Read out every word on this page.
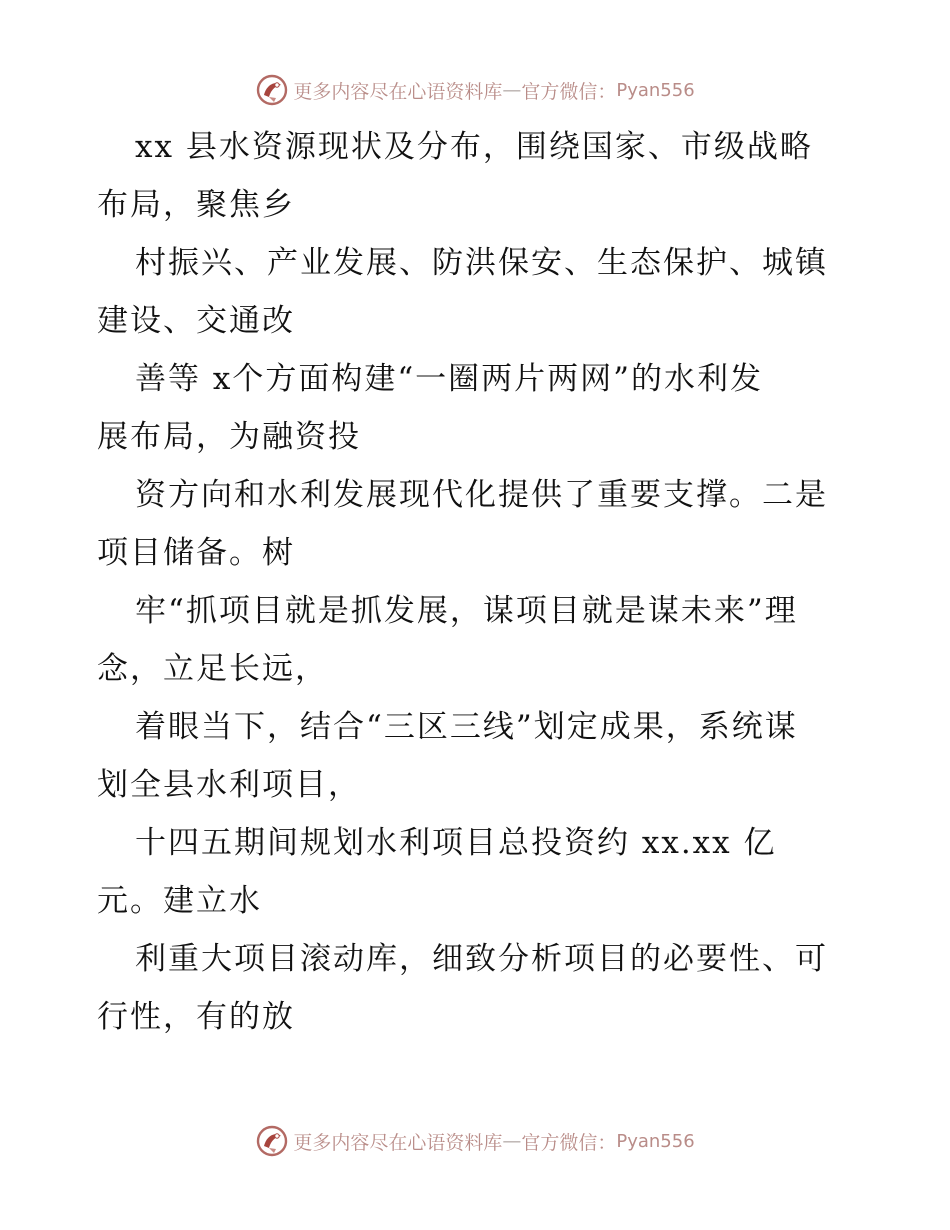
更多内容尽在心语资料库 — 官方微信： Pyan556
xx 县水资源现状及分布，围绕国家、市级战略
布局，聚焦乡
村振兴、产业发展、防洪保安、生态保护、城镇
建设、交通改
善等 x个方面构建“一圈两片两网”的水利发
展布局，为融资投
资方向和水利发展现代化提供了重要支撑。二是
项目储备。树
牢“抓项目就是抓发展，谋项目就是谋未来”理
念，立足长远，
着眼当下，结合“三区三线”划定成果，系统谋
划全县水利项目，
十四五期间规划水利项目总投资约 xx.xx 亿
元。建立水
利重大项目滚动库，细致分析项目的必要性、可
行性，有的放
更多内容尽在心语资料库 — 官方微信： Pyan556
